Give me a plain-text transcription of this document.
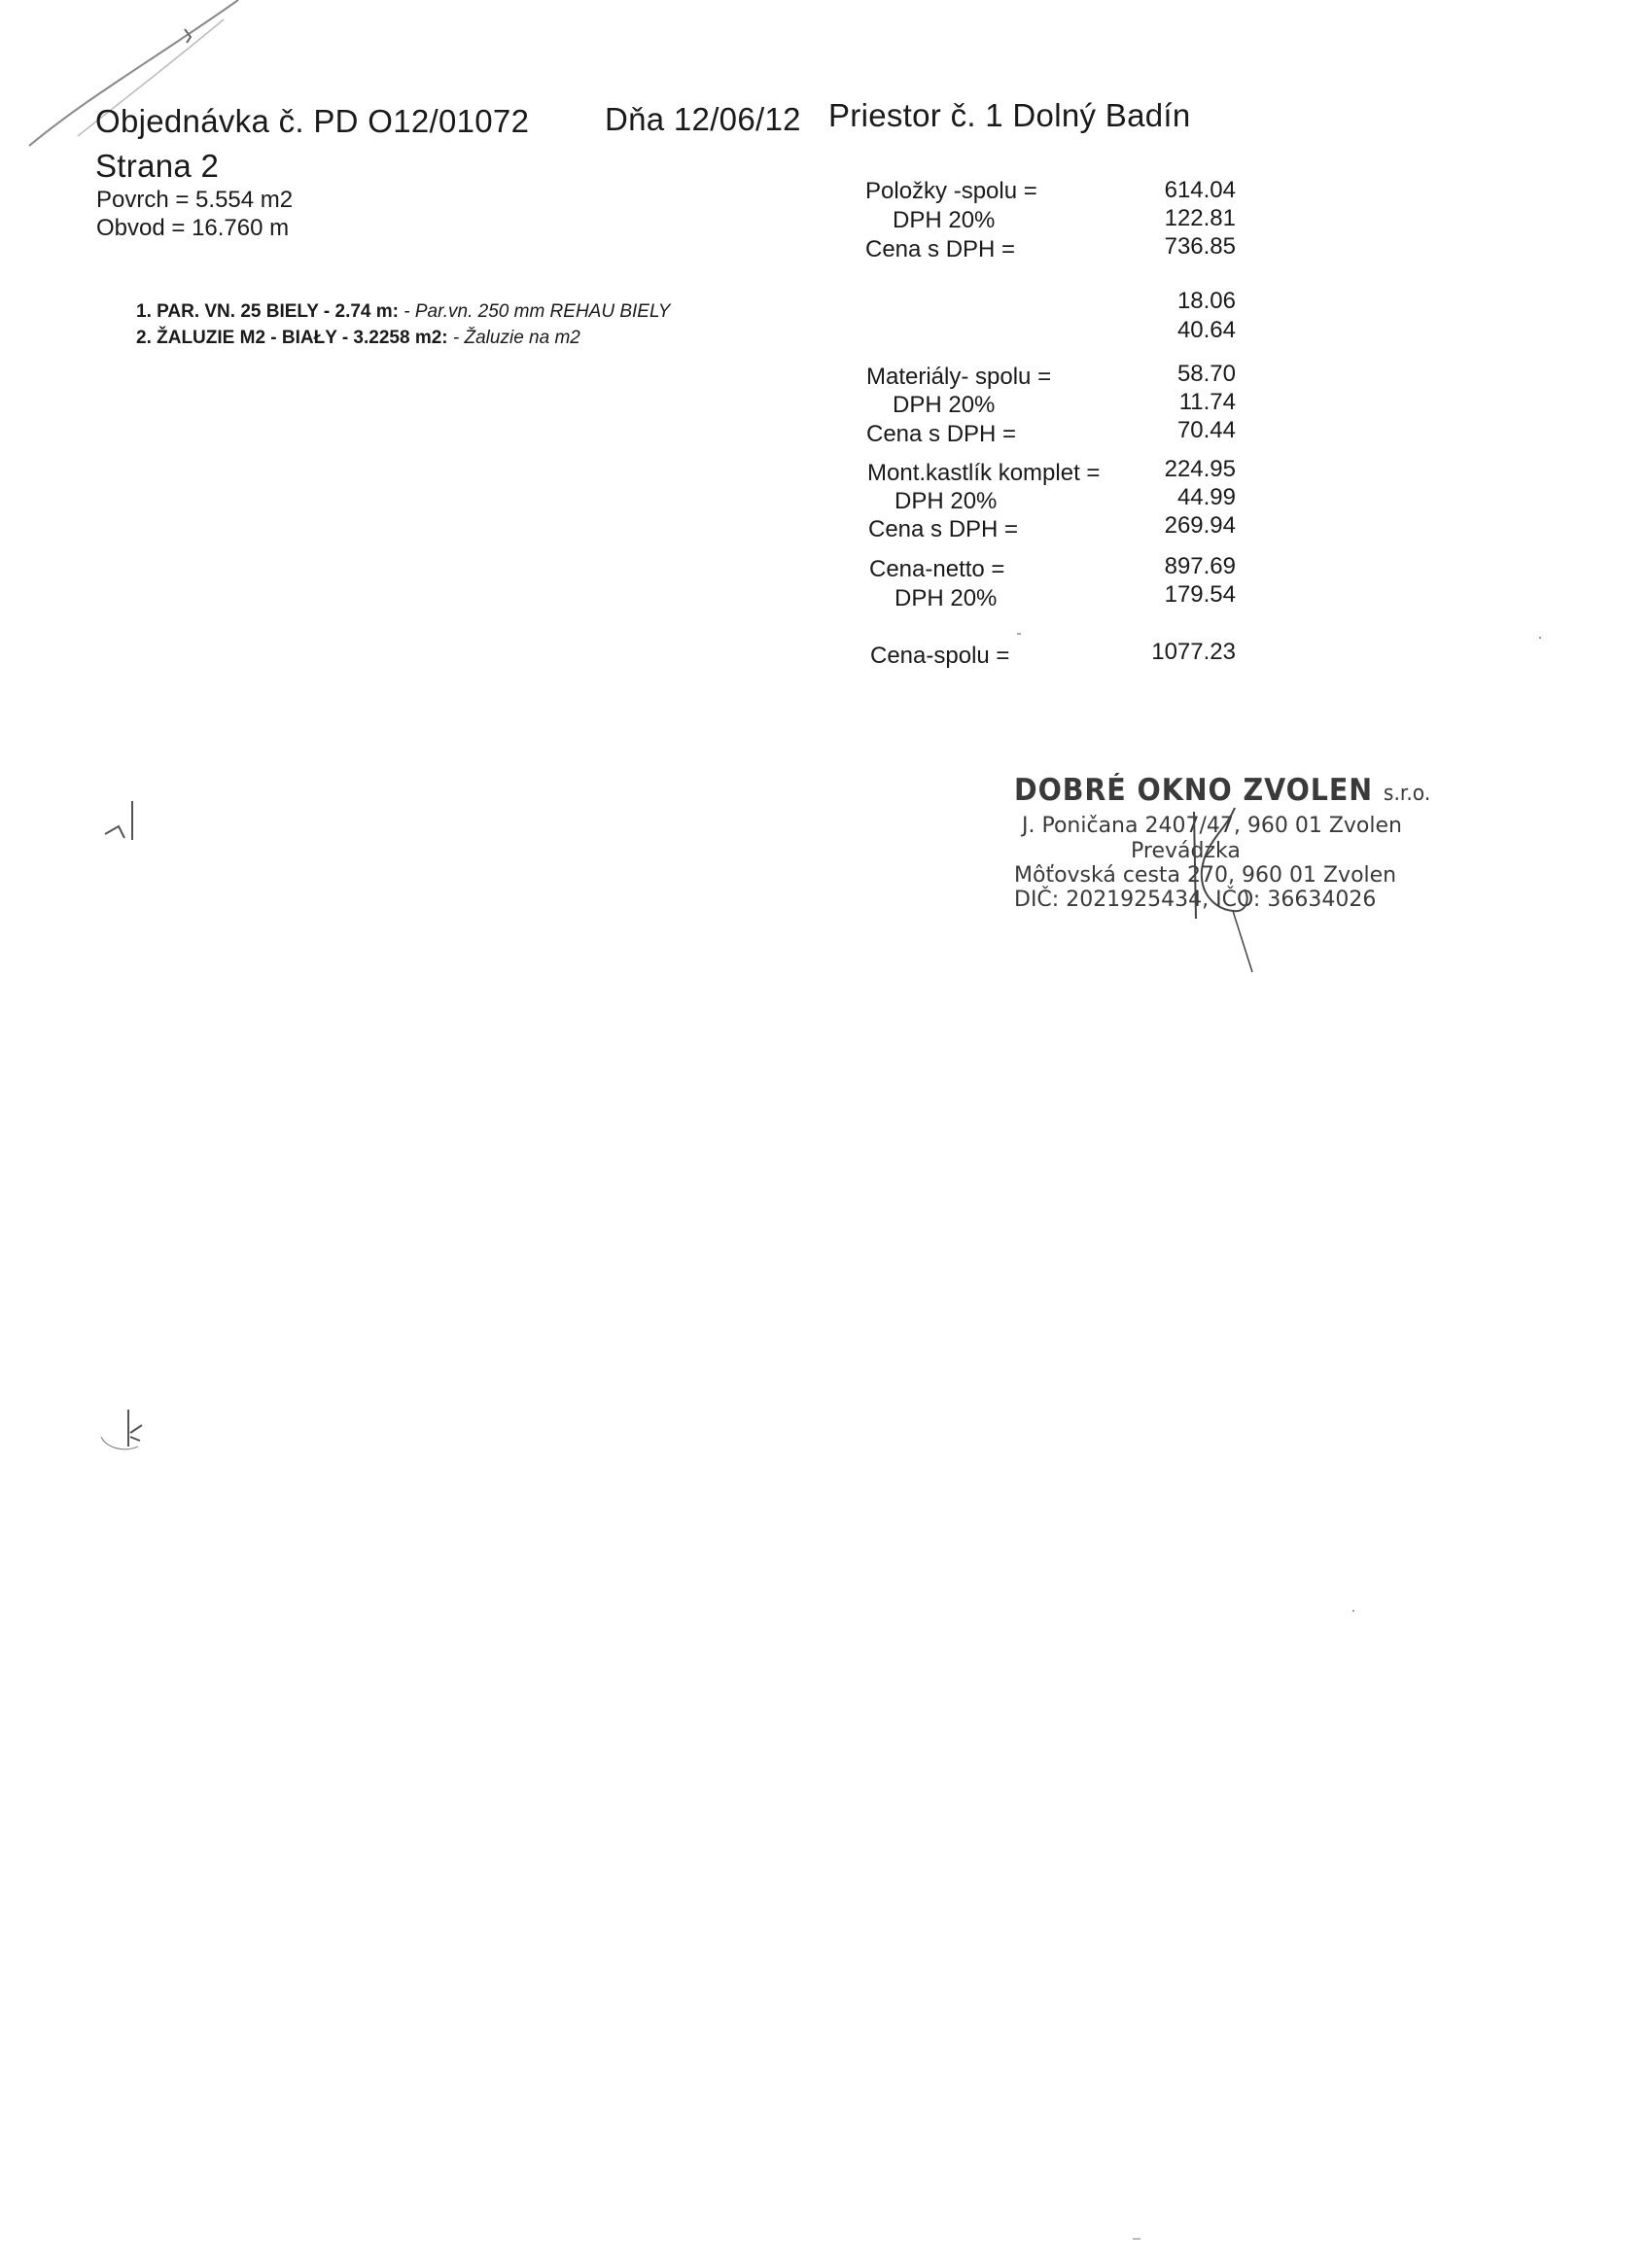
Objednávka č. PD O12/01072 Dňa 12/06/12 Priestor č. 1 Dolný Badín
Strana 2
Povrch = 5.554 m2
Obvod = 16.760 m
1. PAR. VN. 25 BIELY - 2.74 m: - Par.vn. 250 mm REHAU BIELY
2. ŽALUZIE M2 - BIAŁY - 3.2258 m2: - Žaluzie na m2
Položky -spolu =
DPH 20%
Cena s DPH =
Materiály- spolu =
DPH 20%
Cena s DPH =
Mont.kastlík komplet =
DPH 20%
Cena s DPH =
Cena-netto =
DPH 20%
Cena-spolu =
614.04
122.81
736.85
18.06
40.64
58.70
11.74
70.44
224.95
44.99
269.94
897.69
179.54
1077.23
DOBRÉ OKNO ZVOLEN s.r.o.
J. Poničana 2407/47, 960 01 Zvolen
Prevádzka
Môťovská cesta 270, 960 01 Zvolen
DIČ: 2021925434, IČO: 36634026
